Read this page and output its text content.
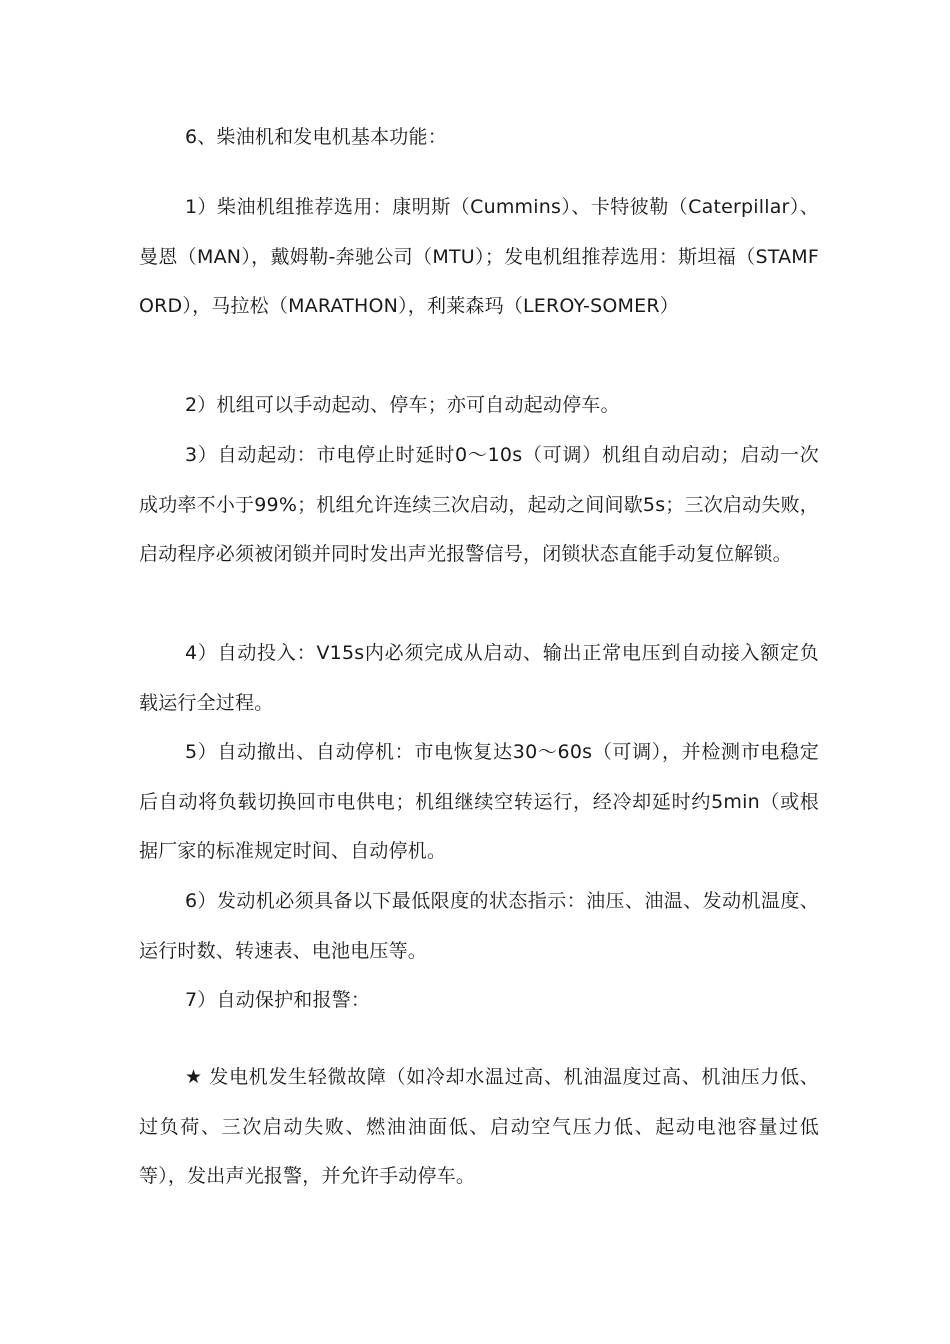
6、柴油机和发电机基本功能：

1）柴油机组推荐选用：康明斯（Cummins）、卡特彼勒（Caterpillar）、曼恩（MAN），戴姆勒-奔驰公司（MTU）；发电机组推荐选用：斯坦福（STAMFORD），马拉松（MARATHON），利莱森玛（LEROY-SOMER）

2）机组可以手动起动、停车；亦可自动起动停车。

3）自动起动：市电停止时延时0～10s（可调）机组自动启动；启动一次成功率不小于99%；机组允许连续三次启动，起动之间间歇5s；三次启动失败，启动程序必须被闭锁并同时发出声光报警信号，闭锁状态直能手动复位解锁。

4）自动投入：V15s内必须完成从启动、输出正常电压到自动接入额定负载运行全过程。

5）自动撤出、自动停机：市电恢复达30～60s（可调），并检测市电稳定后自动将负载切换回市电供电；机组继续空转运行，经冷却延时约5min（或根据厂家的标准规定时间、自动停机。

6）发动机必须具备以下最低限度的状态指示：油压、油温、发动机温度、运行时数、转速表、电池电压等。

7）自动保护和报警：

★ 发电机发生轻微故障（如冷却水温过高、机油温度过高、机油压力低、过负荷、三次启动失败、燃油油面低、启动空气压力低、起动电池容量过低等），发出声光报警，并允许手动停车。
